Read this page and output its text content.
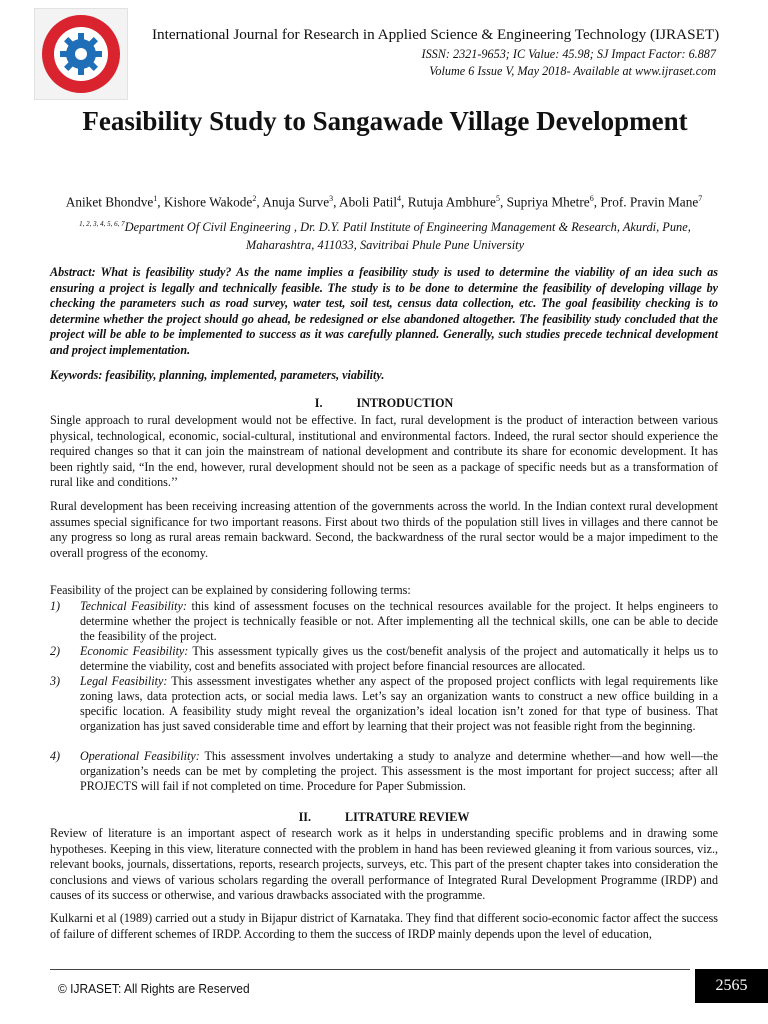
International Journal for Research in Applied Science & Engineering Technology (IJRASET)
ISSN: 2321-9653; IC Value: 45.98; SJ Impact Factor: 6.887
Volume 6 Issue V, May 2018- Available at www.ijraset.com
Feasibility Study to Sangawade Village Development
Aniket Bhondve$^1$, Kishore Wakode$^2$, Anuja Surve$^3$, Aboli Patil$^4$, Rutuja Ambhure$^5$, Supriya Mhetre$^6$, Prof. Pravin Mane$^7$
$^{1, 2, 3, 4, 5, 6, 7}$Department Of Civil Engineering , Dr. D.Y. Patil Institute of Engineering Management & Research, Akurdi, Pune,
Maharashtra, 411033, Savitribai Phule Pune University
Abstract: What is feasibility study? As the name implies a feasibility study is used to determine the viability of an idea such as ensuring a project is legally and technically feasible. The study is to be done to determine the feasibility of developing village by checking the parameters such as road survey, water test, soil test, census data collection, etc. The goal feasibility checking is to determine whether the project should go ahead, be redesigned or else abandoned altogether. The feasibility study concluded that the project will be able to be implemented to success as it was carefully planned. Generally, such studies precede technical development and project implementation.
Keywords: feasibility, planning, implemented, parameters, viability.
I.	INTRODUCTION
Single approach to rural development would not be effective. In fact, rural development is the product of interaction between various physical, technological, economic, social-cultural, institutional and environmental factors. Indeed, the rural sector should experience the required changes so that it can join the mainstream of national development and contribute its share for economic development. It has been rightly said, “In the end, however, rural development should not be seen as a package of specific needs but as a transformation of rural like and conditions.’’
Rural development has been receiving increasing attention of the governments across the world. In the Indian context rural development assumes special significance for two important reasons. First about two thirds of the population still lives in villages and there cannot be any progress so long as rural areas remain backward. Second, the backwardness of the rural sector would be a major impediment to the overall progress of the economy.
Feasibility of the project can be explained by considering following terms:
1)	Technical Feasibility: this kind of assessment focuses on the technical resources available for the project. It helps engineers to determine whether the project is technically feasible or not. After implementing all the technical skills, one can be able to decide the feasibility of the project.
2)	Economic Feasibility: This assessment typically gives us the cost/benefit analysis of the project and automatically it helps us to determine the viability, cost and benefits associated with project before financial resources are allocated.
3)	Legal Feasibility: This assessment investigates whether any aspect of the proposed project conflicts with legal requirements like zoning laws, data protection acts, or social media laws. Let’s say an organization wants to construct a new office building in a specific location. A feasibility study might reveal the organization’s ideal location isn’t zoned for that type of business. That organization has just saved considerable time and effort by learning that their project was not feasible right from the beginning.
4)	Operational Feasibility: This assessment involves undertaking a study to analyze and determine whether—and how well—the organization’s needs can be met by completing the project. This assessment is the most important for project success; after all PROJECTS will fail if not completed on time. Procedure for Paper Submission.
II.	LITRATURE REVIEW
Review of literature is an important aspect of research work as it helps in understanding specific problems and in drawing some hypotheses. Keeping in this view, literature connected with the problem in hand has been reviewed gleaning it from various sources, viz., relevant books, journals, dissertations, reports, research projects, surveys, etc. This part of the present chapter takes into consideration the conclusions and views of various scholars regarding the overall performance of Integrated Rural Development Programme (IRDP) and causes of its success or otherwise, and various drawbacks associated with the programme.
Kulkarni et al (1989) carried out a study in Bijapur district of Karnataka. They find that different socio-economic factor affect the success of failure of different schemes of IRDP. According to them the success of IRDP mainly depends upon the level of education,
© IJRASET: All Rights are Reserved	2565
